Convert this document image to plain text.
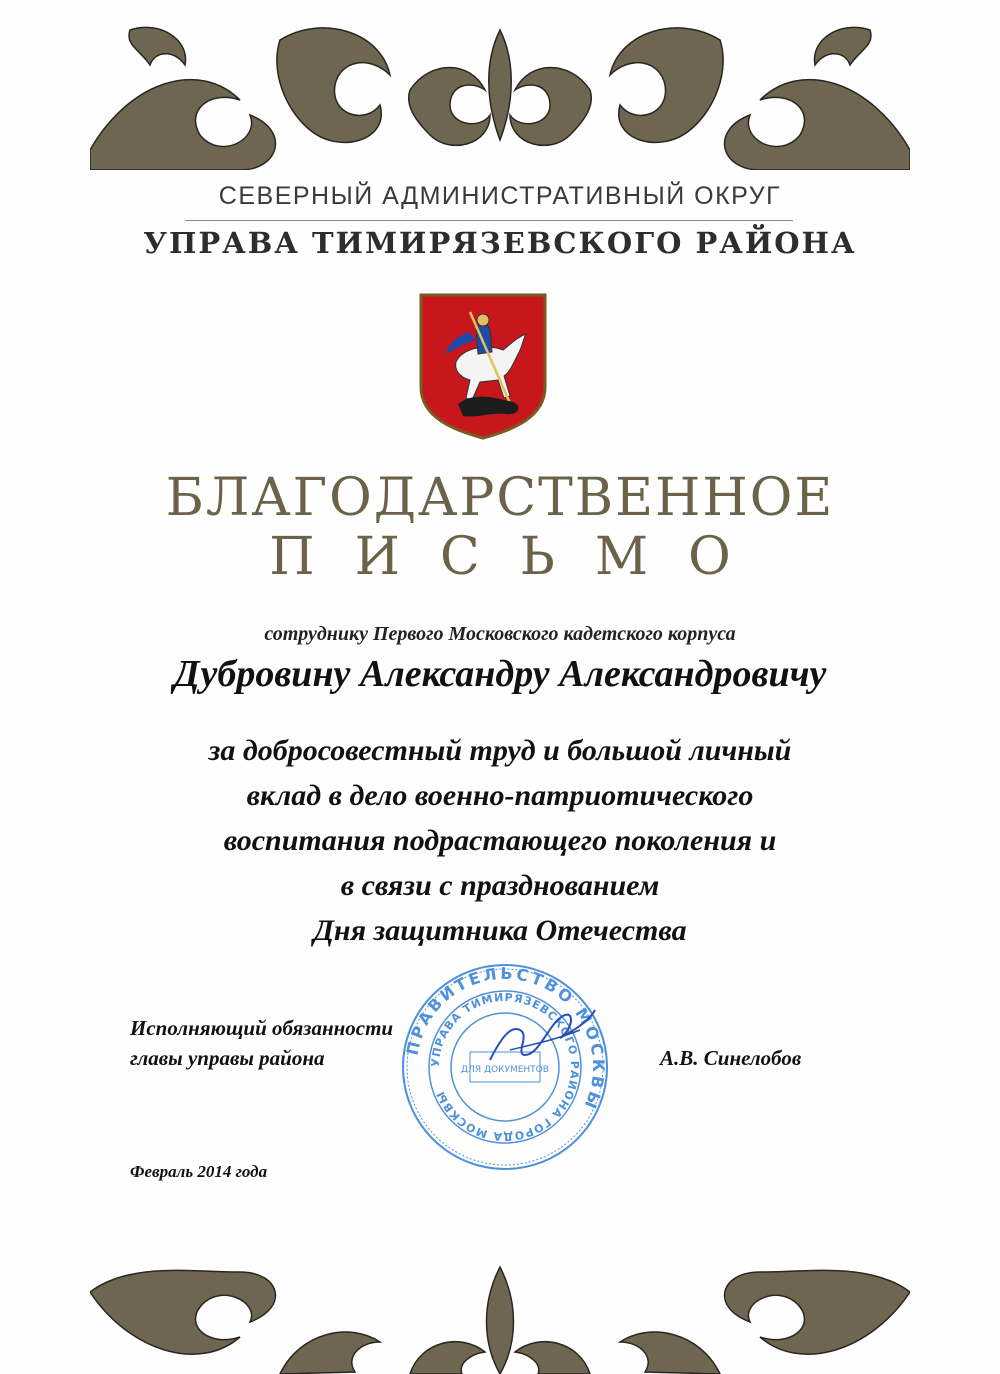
СЕВЕРНЫЙ АДМИНИСТРАТИВНЫЙ ОКРУГ
УПРАВА ТИМИРЯЗЕВСКОГО РАЙОНА
БЛАГОДАРСТВЕННОЕ
ПИСЬМО
сотруднику Первого Московского кадетского корпуса
Дубровину Александру Александровичу
за добросовестный труд и большой личный
вклад в дело военно-патриотического
воспитания подрастающего поколения и
в связи с празднованием
Дня защитника Отечества
Исполняющий обязанности
главы управы района	А.В. Синелобов
ПРАВИТЕЛЬСТВО МОСКВЫ
УПРАВА ТИМИРЯЗЕВСКОГО РАЙОНА ГОРОДА МОСКВЫ
ДЛЯ ДОКУМЕНТОВ
Февраль 2014 года
